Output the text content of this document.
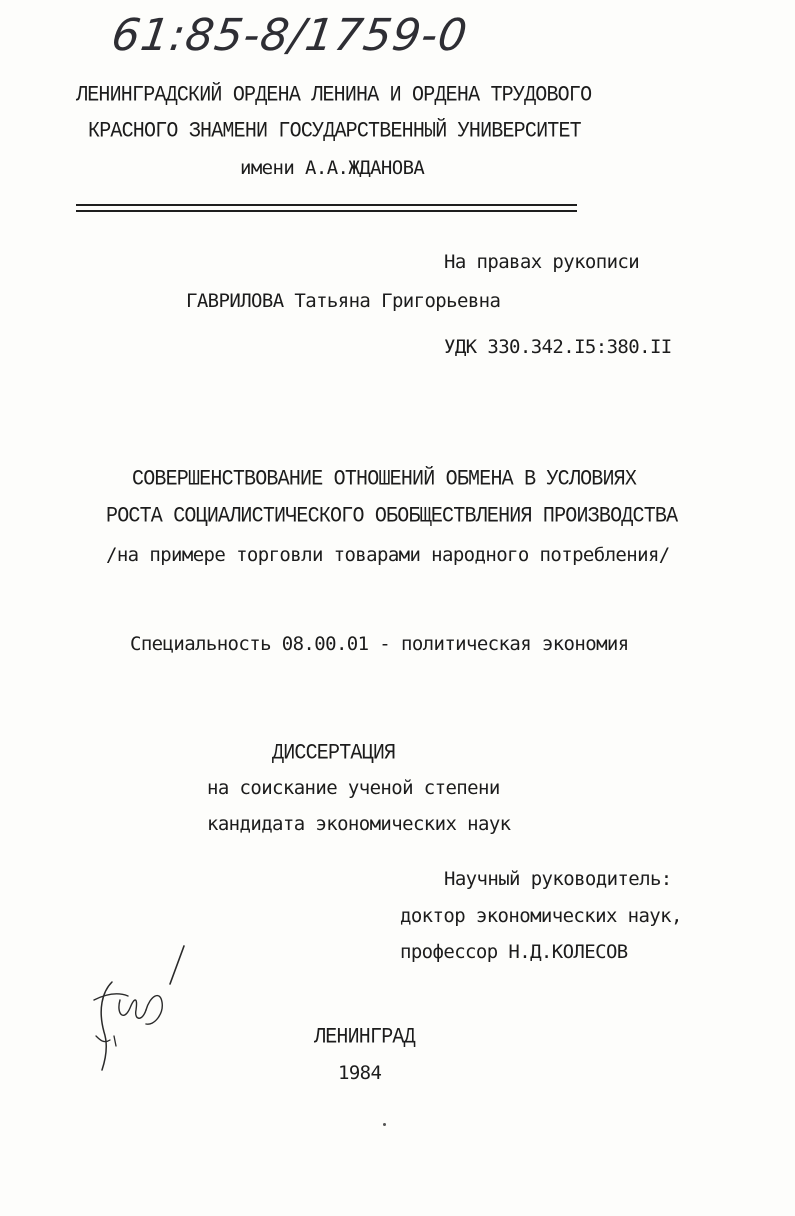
61:85-8/1759-0
ЛЕНИНГРАДСКИЙ ОРДЕНА ЛЕНИНА И ОРДЕНА ТРУДОВОГО
КРАСНОГО ЗНАМЕНИ ГОСУДАРСТВЕННЫЙ УНИВЕРСИТЕТ
имени А.А.ЖДАНОВА
На правах рукописи
ГАВРИЛОВА Татьяна Григорьевна
УДК 330.342.I5:380.II
СОВЕРШЕНСТВОВАНИЕ ОТНОШЕНИЙ ОБМЕНА В УСЛОВИЯХ
РОСТА СОЦИАЛИСТИЧЕСКОГО ОБОБЩЕСТВЛЕНИЯ ПРОИЗВОДСТВА
/на примере торговли товарами народного потребления/
Специальность 08.00.01 - политическая экономия
ДИССЕРТАЦИЯ
на соискание ученой степени
кандидата экономических наук
Научный руководитель:
доктор экономических наук,
профессор Н.Д.КОЛЕСОВ
ЛЕНИНГРАД
1984
